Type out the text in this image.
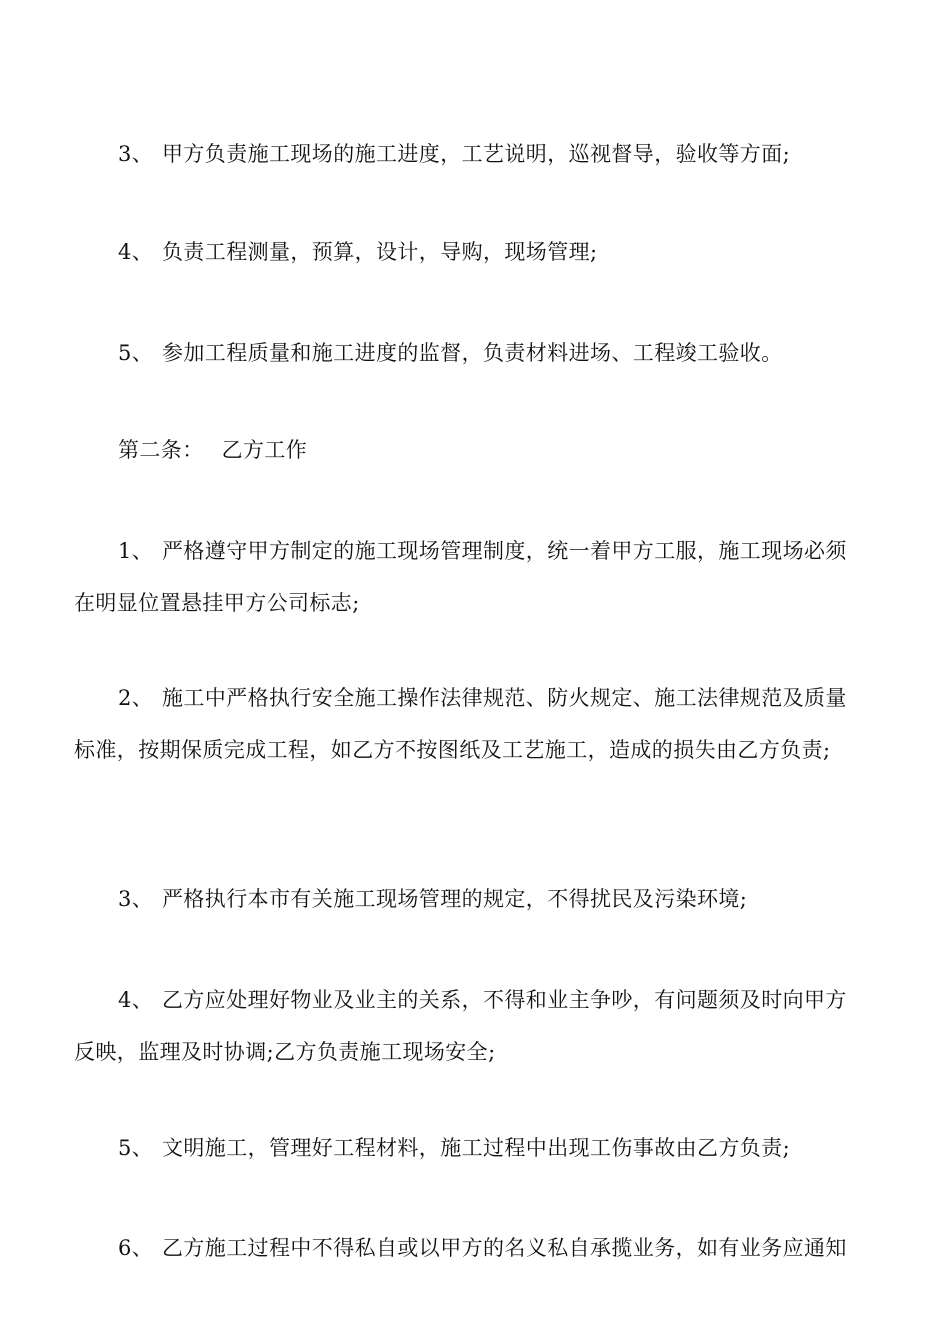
3、 甲方负责施工现场的施工进度，工艺说明，巡视督导，验收等方面;
4、 负责工程测量，预算，设计，导购，现场管理;
5、 参加工程质量和施工进度的监督，负责材料进场、工程竣工验收。
第二条： 乙方工作
1、 严格遵守甲方制定的施工现场管理制度，统一着甲方工服，施工现场必须
在明显位置悬挂甲方公司标志;
2、 施工中严格执行安全施工操作法律规范、防火规定、施工法律规范及质量
标准，按期保质完成工程，如乙方不按图纸及工艺施工，造成的损失由乙方负责;
3、 严格执行本市有关施工现场管理的规定，不得扰民及污染环境;
4、 乙方应处理好物业及业主的关系，不得和业主争吵，有问题须及时向甲方
反映，监理及时协调;乙方负责施工现场安全;
5、 文明施工，管理好工程材料，施工过程中出现工伤事故由乙方负责;
6、 乙方施工过程中不得私自或以甲方的名义私自承揽业务，如有业务应通知
